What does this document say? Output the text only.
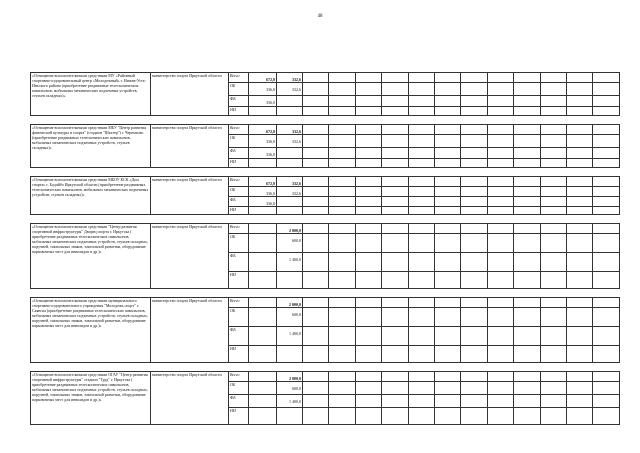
48
«Оснащение вспомогательными средствами МУ «Районный спортивно-оздоровительный центр «Молодежный» г. Нижне-Усть-Иньского района (приобретение раздвижных телескопических павильонов, мобильных механических подъемных устройств, стульев складных)»	министерство спорта Иркутской области	Всего	672,8	332,6												

		ОБ	336,0	332,6												

		ФБ	336,0													

		НИ	

«Оснащение вспомогательными средствами МБУ "Центр развития физической культуры и спорта" (стадион "Шахтер") г. Черемхово (приобретение раздвижных телескопических павильонов, мобильных механических подъемных устройств, стульев складных)»	министерство спорта Иркутской области	Всего	672,8	332,6												

		ОБ	336,0	332,6												

		ФБ	336,0													

		НИ	

«Оснащение вспомогательными средствами МБОУ КСК «Дом спорта» г. Бодайбо Иркутской области (приобретение раздвижных телескопических павильонов, мобильных механических подъемных устройств, стульев складных)»	министерство спорта Иркутской области	Всего	672,8	332,6												

		ОБ	336,0	332,6												

		ФБ	336,0													

		НИ	

«Оснащение вспомогательными средствами "Центр развития спортивной инфраструктуры" Дворец спорта г. Иркутска ( приобретение раздвижных телескопических павильонов, мобильных механических подъемных устройств, стульев складных, поручней, тактильных знаков, тактильной разметки, оборудование парковочных мест для инвалидов и др.)»	министерство спорта Иркутской области	Всего		2 000,0												

		ОБ		600,0												

		ФБ		1 400,0												

		НИ	

«Оснащение вспомогательными средствами муниципального спортивно-оздоровительного учреждения "Молодежь спорт" г. Саянска (приобретение раздвижных телескопических павильонов, мобильных механических подъемных устройств, стульев складных, поручней, тактильных знаков, тактильной разметки, оборудование парковочных мест для инвалидов и др.)»	министерство спорта Иркутской области	Всего		2 000,0												

		ОБ		600,0												

		ФБ		1 400,0												

		НИ	

«Оснащение вспомогательными средствами ОГАУ "Центр развития спортивной инфраструктуры" стадион "Труд" г. Иркутска ( приобретение раздвижных телескопических павильонов, мобильных механических подъемных устройств, стульев складных, поручней, тактильных знаков, тактильной разметки, оборудование парковочных мест для инвалидов и др.)»	министерство спорта Иркутской области	Всего		2 000,0												

		ОБ		600,0												

		ФБ		1 400,0												

		НИ	
